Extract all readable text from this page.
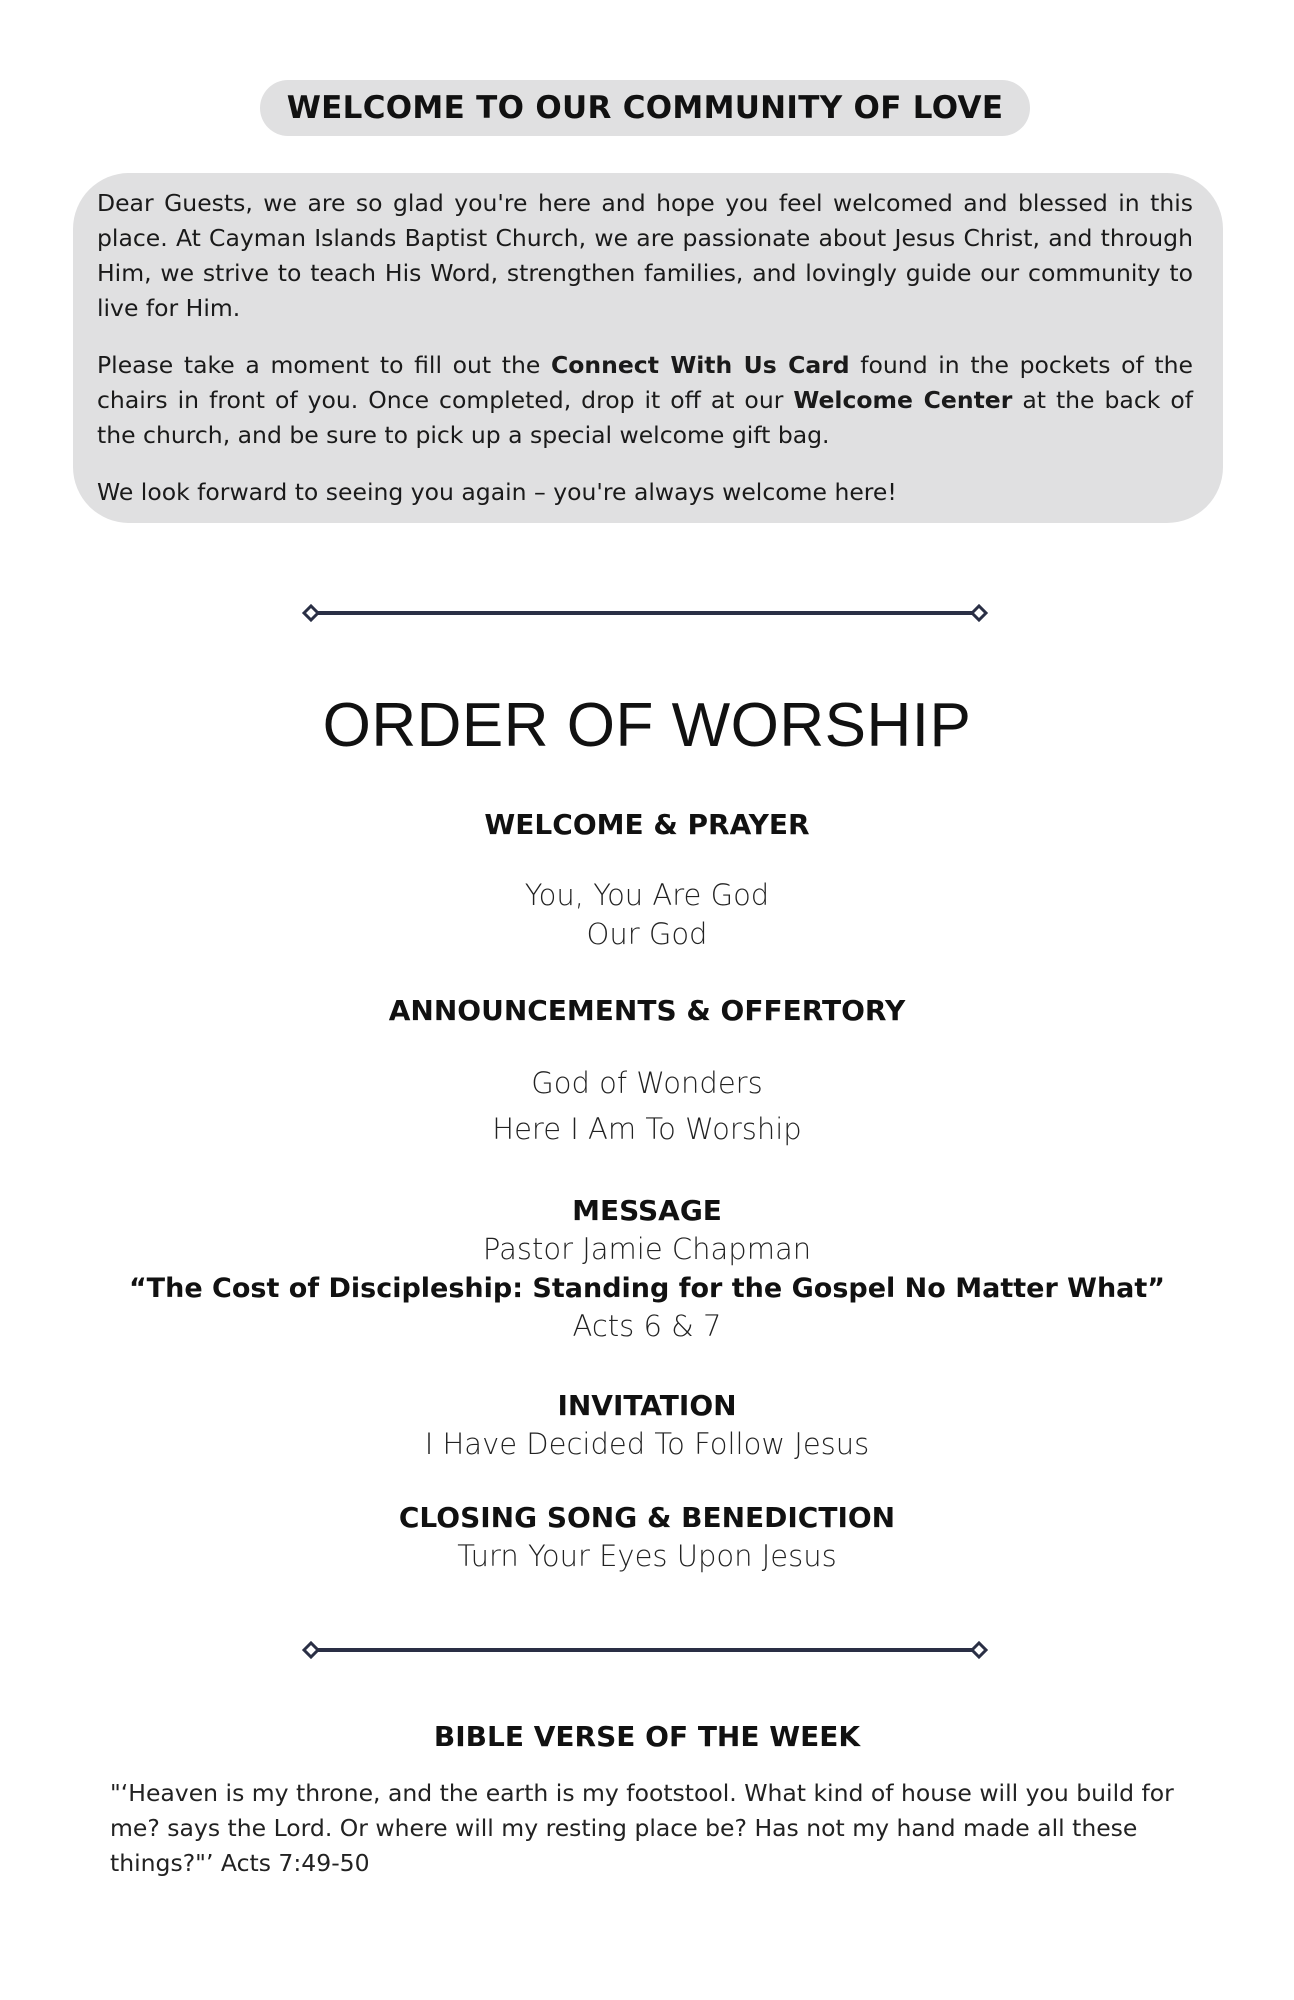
WELCOME TO OUR COMMUNITY OF LOVE

Dear Guests, we are so glad you're here and hope you feel welcomed and blessed in this place. At Cayman Islands Baptist Church, we are passionate about Jesus Christ, and through Him, we strive to teach His Word, strengthen families, and lovingly guide our community to live for Him.

Please take a moment to fill out the Connect With Us Card found in the pockets of the chairs in front of you. Once completed, drop it off at our Welcome Center at the back of the church, and be sure to pick up a special welcome gift bag.

We look forward to seeing you again – you're always welcome here!

ORDER OF WORSHIP
WELCOME & PRAYER
You, You Are God
Our God
ANNOUNCEMENTS & OFFERTORY
God of Wonders
Here I Am To Worship
MESSAGE
Pastor Jamie Chapman
“The Cost of Discipleship: Standing for the Gospel No Matter What”
Acts 6 & 7
INVITATION
I Have Decided To Follow Jesus
CLOSING SONG & BENEDICTION
Turn Your Eyes Upon Jesus
BIBLE VERSE OF THE WEEK
"‘Heaven is my throne, and the earth is my footstool. What kind of house will you build for me? says the Lord. Or where will my resting place be? Has not my hand made all these things?"’ Acts 7:49-50
